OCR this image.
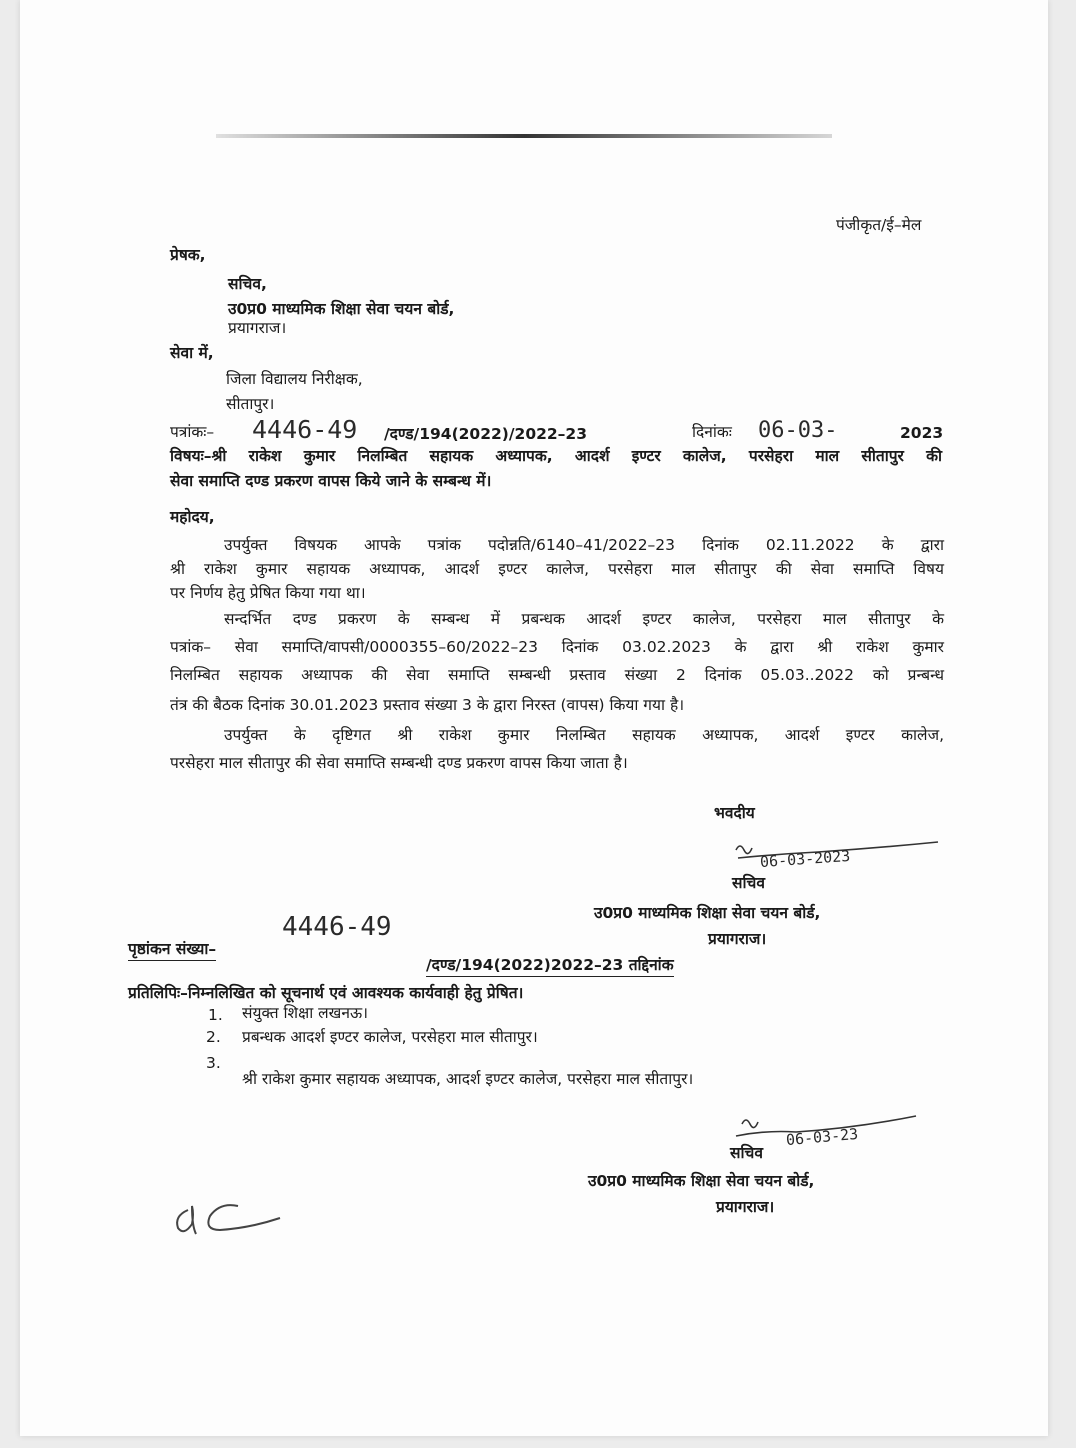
पंजीकृत/ई–मेल
प्रेषक,
सचिव,
उ0प्र0 माध्यमिक शिक्षा सेवा चयन बोर्ड,
प्रयागराज।
सेवा में,
जिला विद्यालय निरीक्षक,
सीतापुर।
पत्रांकः– 4446-49 /दण्ड/194(2022)/2022–23	दिनांकः 06-03-	2023
विषयः–श्री राकेश कुमार निलम्बित सहायक अध्यापक, आदर्श इण्टर कालेज, परसेहरा माल सीतापुर की
सेवा समाप्ति दण्ड प्रकरण वापस किये जाने के सम्बन्ध में।
महोदय,
उपर्युक्त विषयक आपके पत्रांक पदोन्नति/6140–41/2022–23 दिनांक 02.11.2022 के द्वारा
श्री राकेश कुमार सहायक अध्यापक, आदर्श इण्टर कालेज, परसेहरा माल सीतापुर की सेवा समाप्ति विषय
पर निर्णय हेतु प्रेषित किया गया था।
सन्दर्भित दण्ड प्रकरण के सम्बन्ध में प्रबन्धक आदर्श इण्टर कालेज, परसेहरा माल सीतापुर के
पत्रांक– सेवा समाप्ति/वापसी/0000355–60/2022–23 दिनांक 03.02.2023 के द्वारा श्री राकेश कुमार
निलम्बित सहायक अध्यापक की सेवा समाप्ति सम्बन्धी प्रस्ताव संख्या 2 दिनांक 05.03..2022 को प्रन्बन्ध
तंत्र की बैठक दिनांक 30.01.2023 प्रस्ताव संख्या 3 के द्वारा निरस्त (वापस) किया गया है।
उपर्युक्त के दृष्टिगत श्री राकेश कुमार निलम्बित सहायक अध्यापक, आदर्श इण्टर कालेज,
परसेहरा माल सीतापुर की सेवा समाप्ति सम्बन्धी दण्ड प्रकरण वापस किया जाता है।
भवदीय
06-03-2023
सचिव
उ0प्र0 माध्यमिक शिक्षा सेवा चयन बोर्ड,
प्रयागराज।
4446-49
पृष्ठांकन संख्या–
/दण्ड/194(2022)2022–23 तद्दिनांक
प्रतिलिपिः–निम्नलिखित को सूचनार्थ एवं आवश्यक कार्यवाही हेतु प्रेषित।
1. संयुक्त शिक्षा लखनऊ।
2. प्रबन्धक आदर्श इण्टर कालेज, परसेहरा माल सीतापुर।
3.
श्री राकेश कुमार सहायक अध्यापक, आदर्श इण्टर कालेज, परसेहरा माल सीतापुर।
06-03-23
सचिव
उ0प्र0 माध्यमिक शिक्षा सेवा चयन बोर्ड,
प्रयागराज।
